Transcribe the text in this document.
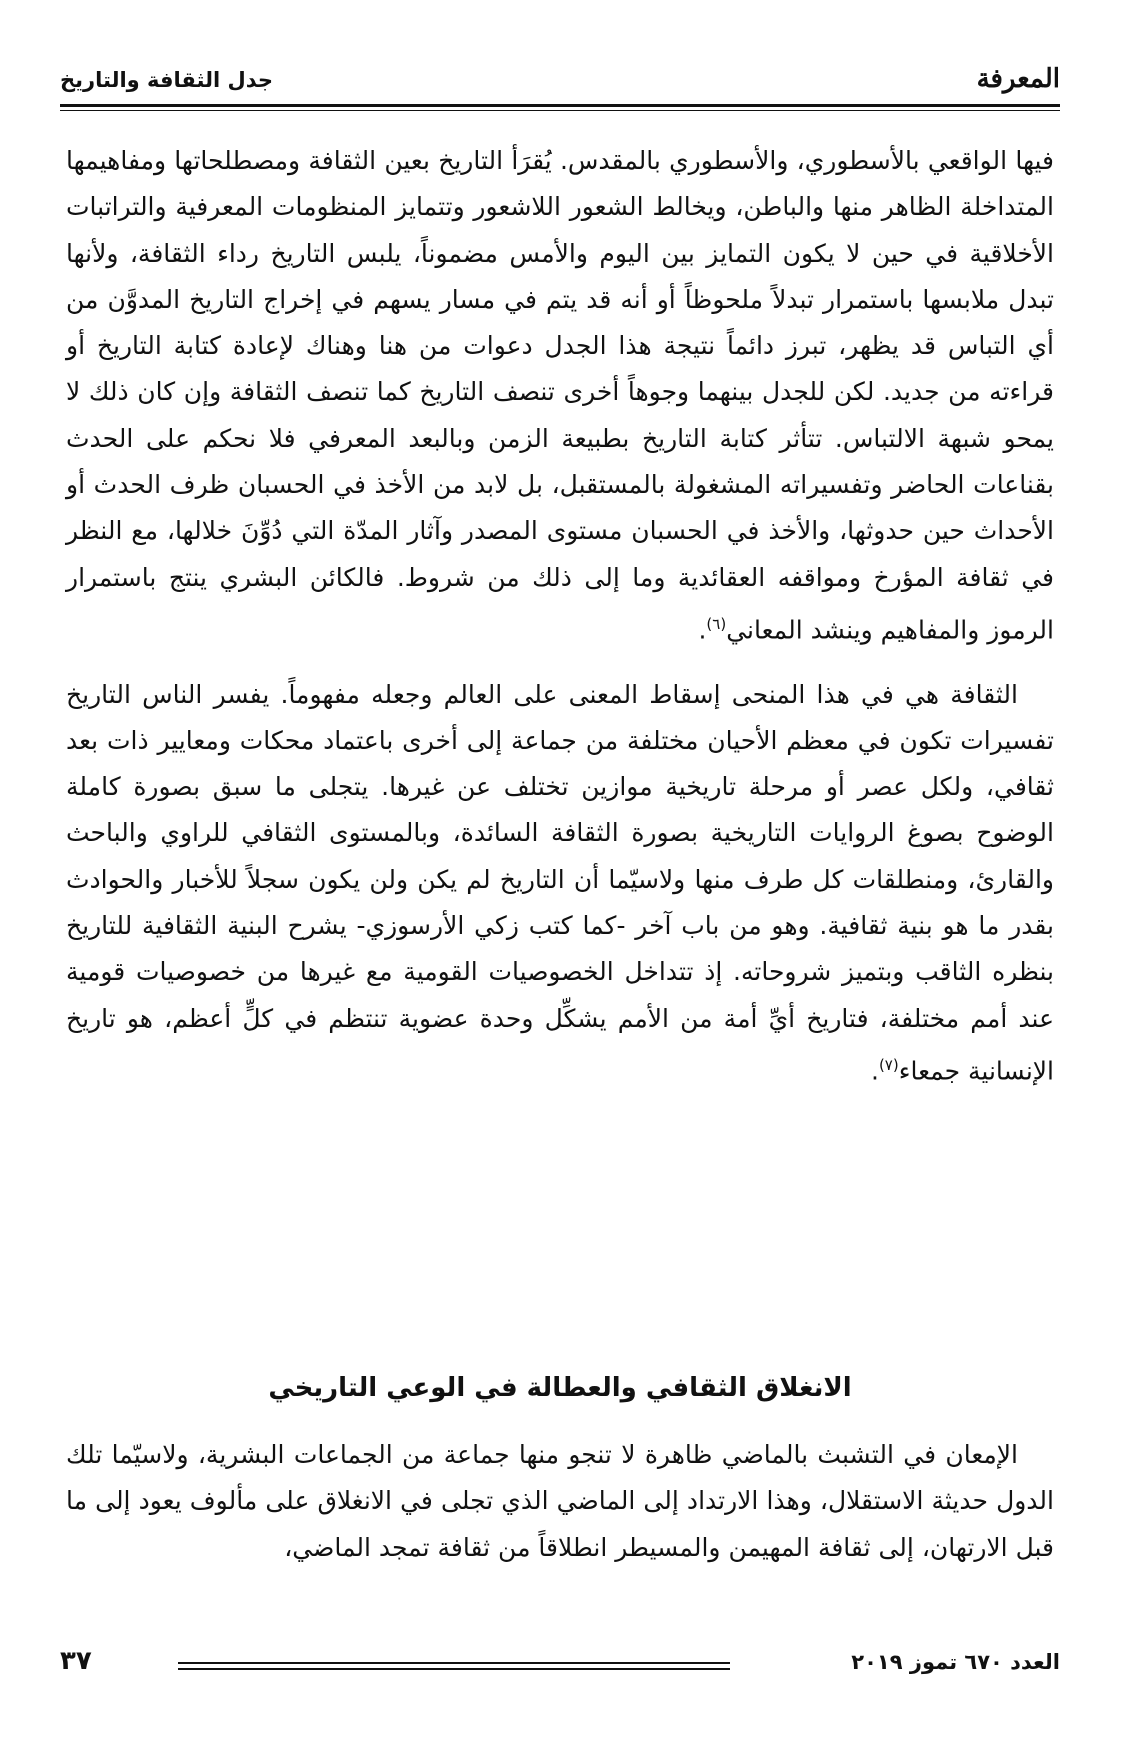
المعرفة
جدل الثقافة والتاريخ

فيها الواقعي بالأسطوري، والأسطوري بالمقدس. يُقرَأ التاريخ بعين الثقافة ومصطلحاتها ومفاهيمها المتداخلة الظاهر منها والباطن، ويخالط الشعور اللاشعور وتتمايز المنظومات المعرفية والتراتبات الأخلاقية في حين لا يكون التمايز بين اليوم والأمس مضموناً، يلبس التاريخ رداء الثقافة، ولأنها تبدل ملابسها باستمرار تبدلاً ملحوظاً أو أنه قد يتم في مسار يسهم في إخراج التاريخ المدوَّن من أي التباس قد يظهر، تبرز دائماً نتيجة هذا الجدل دعوات من هنا وهناك لإعادة كتابة التاريخ أو قراءته من جديد. لكن للجدل بينهما وجوهاً أخرى تنصف التاريخ كما تنصف الثقافة وإن كان ذلك لا يمحو شبهة الالتباس. تتأثر كتابة التاريخ بطبيعة الزمن وبالبعد المعرفي فلا نحكم على الحدث بقناعات الحاضر وتفسيراته المشغولة بالمستقبل، بل لابد من الأخذ في الحسبان ظرف الحدث أو الأحداث حين حدوثها، والأخذ في الحسبان مستوى المصدر وآثار المدّة التي دُوِّنَ خلالها، مع النظر في ثقافة المؤرخ ومواقفه العقائدية وما إلى ذلك من شروط. فالكائن البشري ينتج باستمرار الرموز والمفاهيم وينشد المعاني$^{(٦)}$.

الثقافة هي في هذا المنحى إسقاط المعنى على العالم وجعله مفهوماً. يفسر الناس التاريخ تفسيرات تكون في معظم الأحيان مختلفة من جماعة إلى أخرى باعتماد محكات ومعايير ذات بعد ثقافي، ولكل عصر أو مرحلة تاريخية موازين تختلف عن غيرها. يتجلى ما سبق بصورة كاملة الوضوح بصوغ الروايات التاريخية بصورة الثقافة السائدة، وبالمستوى الثقافي للراوي والباحث والقارئ، ومنطلقات كل طرف منها ولاسيّما أن التاريخ لم يكن ولن يكون سجلاً للأخبار والحوادث بقدر ما هو بنية ثقافية. وهو من باب آخر -كما كتب زكي الأرسوزي- يشرح البنية الثقافية للتاريخ بنظره الثاقب وبتميز شروحاته. إذ تتداخل الخصوصيات القومية مع غيرها من خصوصيات قومية عند أمم مختلفة، فتاريخ أيِّ أمة من الأمم يشكِّل وحدة عضوية تنتظم في كلٍّ أعظم، هو تاريخ الإنسانية جمعاء$^{(٧)}$.

الانغلاق الثقافي والعطالة في الوعي التاريخي

الإمعان في التشبث بالماضي ظاهرة لا تنجو منها جماعة من الجماعات البشرية، ولاسيّما تلك الدول حديثة الاستقلال، وهذا الارتداد إلى الماضي الذي تجلى في الانغلاق على مألوف يعود إلى ما قبل الارتهان، إلى ثقافة المهيمن والمسيطر انطلاقاً من ثقافة تمجد الماضي،

العدد ٦٧٠ تموز ٢٠١٩
٣٧
